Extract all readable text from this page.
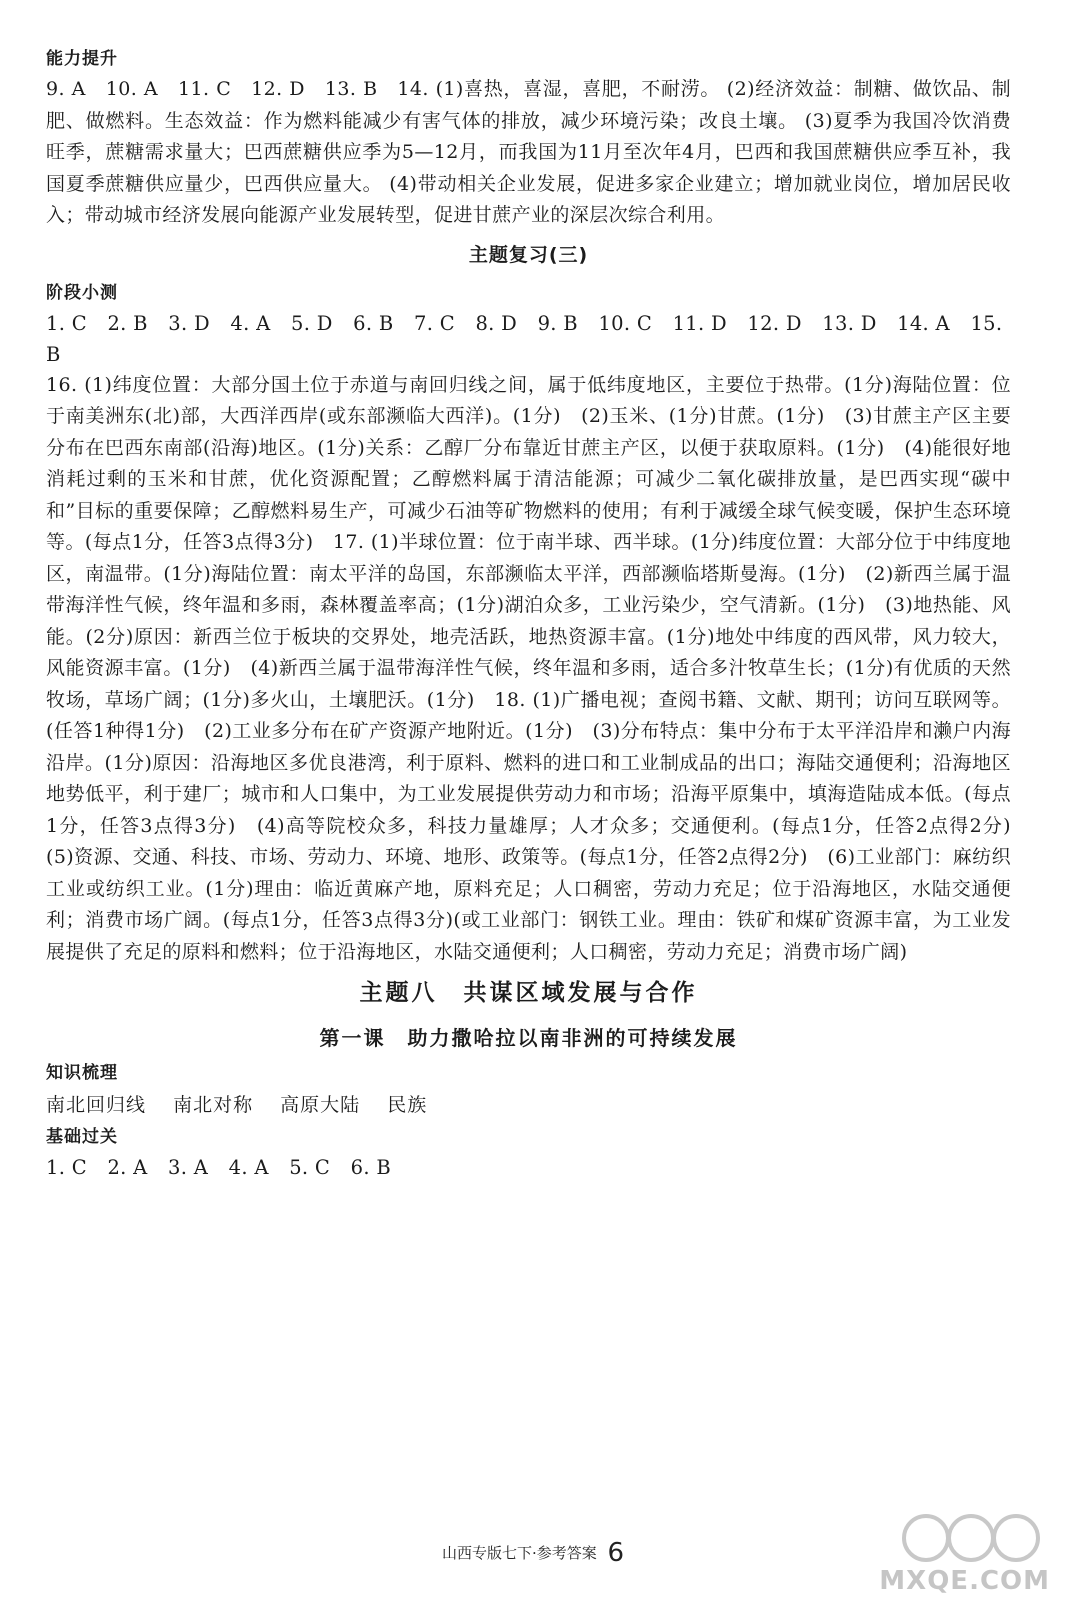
能力提升
9. A　10. A　11. C　12. D　13. B　14. (1)喜热，喜湿，喜肥，不耐涝。 (2)经济效益：制糖、做饮品、制肥、做燃料。生态效益：作为燃料能减少有害气体的排放，减少环境污染；改良土壤。 (3)夏季为我国冷饮消费旺季，蔗糖需求量大；巴西蔗糖供应季为5—12月，而我国为11月至次年4月，巴西和我国蔗糖供应季互补，我国夏季蔗糖供应量少，巴西供应量大。 (4)带动相关企业发展，促进多家企业建立；增加就业岗位，增加居民收入；带动城市经济发展向能源产业发展转型，促进甘蔗产业的深层次综合利用。
主题复习(三)
阶段小测
1. C 2. B 3. D 4. A 5. D 6. B 7. C 8. D 9. B 10. C 11. D 12. D 13. D 14. A 15. B
16. (1)纬度位置：大部分国土位于赤道与南回归线之间，属于低纬度地区，主要位于热带。(1分)海陆位置：位于南美洲东(北)部，大西洋西岸(或东部濒临大西洋)。(1分)　(2)玉米、(1分)甘蔗。(1分)　(3)甘蔗主产区主要分布在巴西东南部(沿海)地区。(1分)关系：乙醇厂分布靠近甘蔗主产区，以便于获取原料。(1分)　(4)能很好地消耗过剩的玉米和甘蔗，优化资源配置；乙醇燃料属于清洁能源；可减少二氧化碳排放量，是巴西实现“碳中和”目标的重要保障；乙醇燃料易生产，可减少石油等矿物燃料的使用；有利于减缓全球气候变暖，保护生态环境等。(每点1分，任答3点得3分)　17. (1)半球位置：位于南半球、西半球。(1分)纬度位置：大部分位于中纬度地区，南温带。(1分)海陆位置：南太平洋的岛国，东部濒临太平洋，西部濒临塔斯曼海。(1分)　(2)新西兰属于温带海洋性气候，终年温和多雨，森林覆盖率高；(1分)湖泊众多，工业污染少，空气清新。(1分)　(3)地热能、风能。(2分)原因：新西兰位于板块的交界处，地壳活跃，地热资源丰富。(1分)地处中纬度的西风带，风力较大，风能资源丰富。(1分)　(4)新西兰属于温带海洋性气候，终年温和多雨，适合多汁牧草生长；(1分)有优质的天然牧场，草场广阔；(1分)多火山，土壤肥沃。(1分)　18. (1)广播电视；查阅书籍、文献、期刊；访问互联网等。(任答1种得1分)　(2)工业多分布在矿产资源产地附近。(1分)　(3)分布特点：集中分布于太平洋沿岸和濑户内海沿岸。(1分)原因：沿海地区多优良港湾，利于原料、燃料的进口和工业制成品的出口；海陆交通便利；沿海地区地势低平，利于建厂；城市和人口集中，为工业发展提供劳动力和市场；沿海平原集中，填海造陆成本低。(每点1分，任答3点得3分)　(4)高等院校众多，科技力量雄厚；人才众多；交通便利。(每点1分，任答2点得2分)　(5)资源、交通、科技、市场、劳动力、环境、地形、政策等。(每点1分，任答2点得2分)　(6)工业部门：麻纺织工业或纺织工业。(1分)理由：临近黄麻产地，原料充足；人口稠密，劳动力充足；位于沿海地区，水陆交通便利；消费市场广阔。(每点1分，任答3点得3分)(或工业部门：钢铁工业。理由：铁矿和煤矿资源丰富，为工业发展提供了充足的原料和燃料；位于沿海地区，水陆交通便利；人口稠密，劳动力充足；消费市场广阔)
主题八　共谋区域发展与合作
第一课　助力撒哈拉以南非洲的可持续发展
知识梳理
南北回归线 南北对称 高原大陆 民族
基础过关
1. C 2. A 3. A 4. A 5. C 6. B
山西专版七下·参考答案 6
MXQE.COM
